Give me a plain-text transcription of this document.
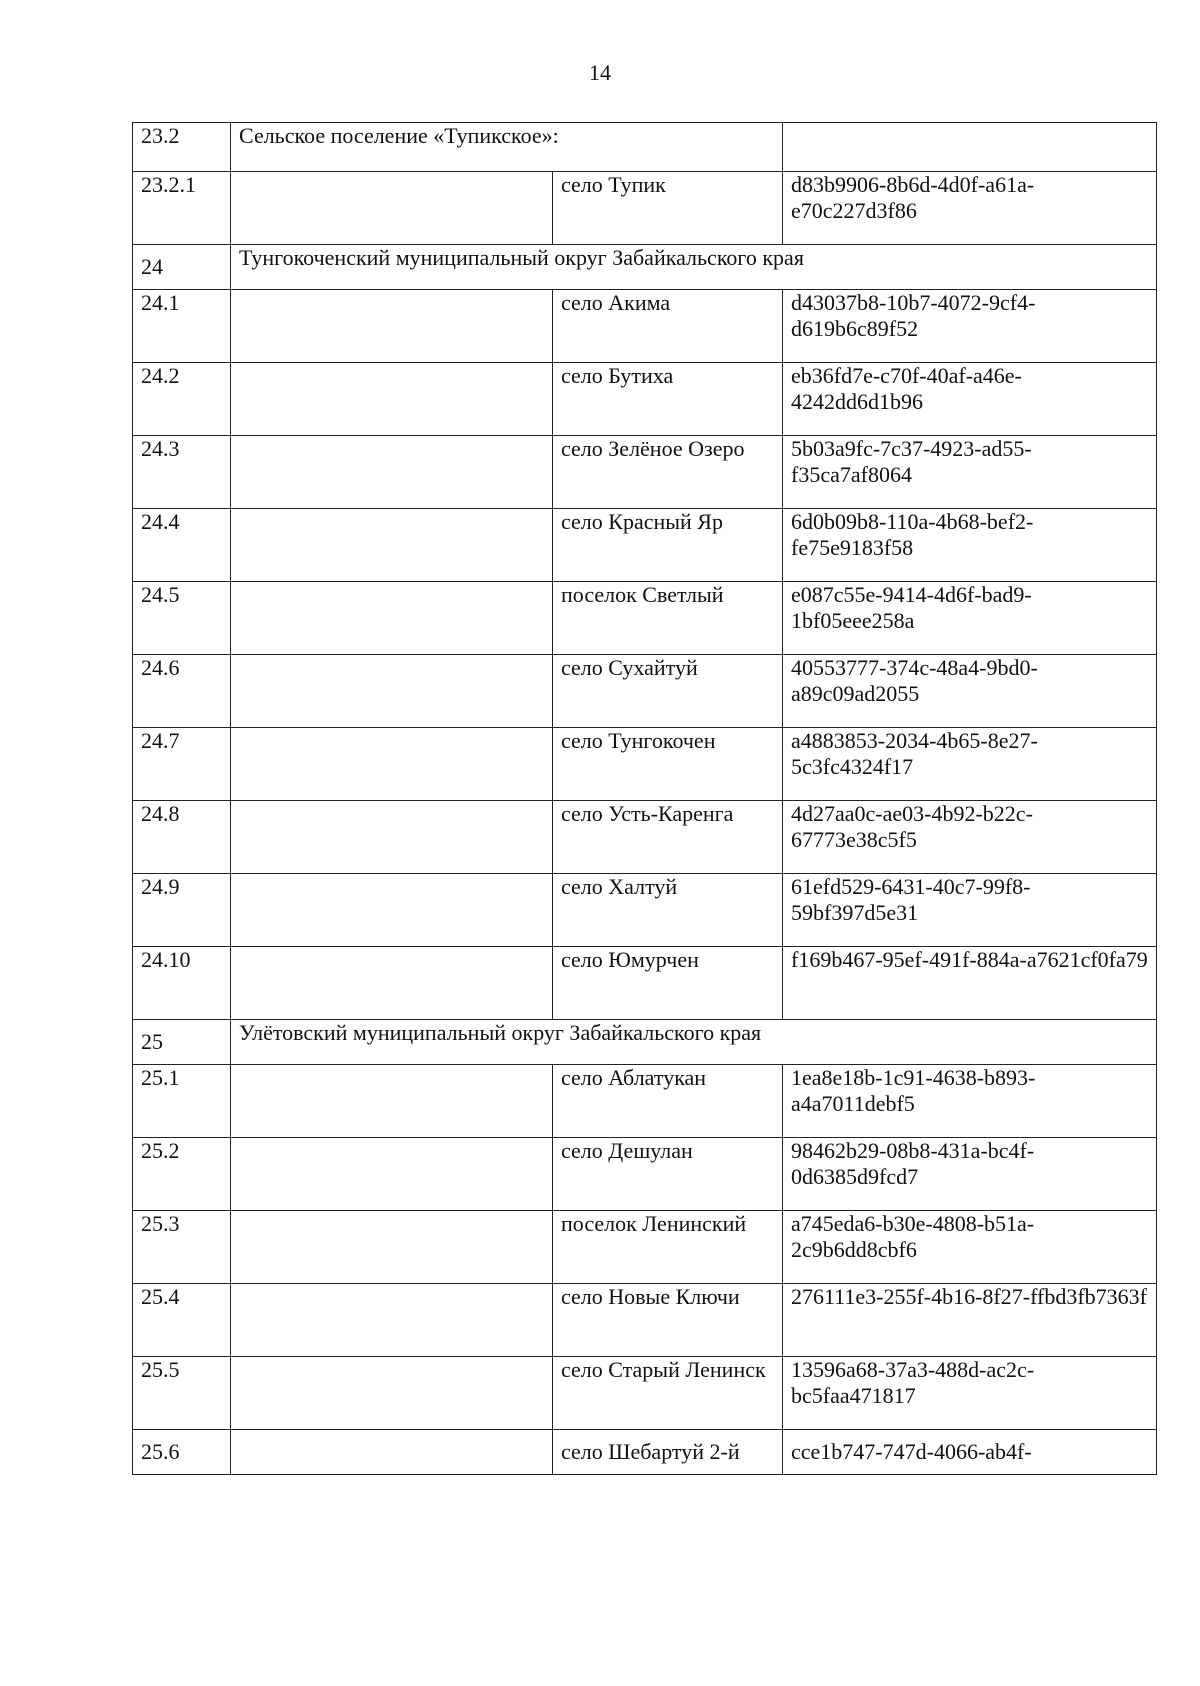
14
23.2	Сельское поселение «Тупикское»:		
23.2.1		село Тупик	d83b9906-8b6d-4d0f-a61a-e70c227d3f86
24	Тунгокоченский муниципальный округ Забайкальского края		
24.1		село Акима	d43037b8-10b7-4072-9cf4-d619b6c89f52
24.2		село Бутиха	eb36fd7e-c70f-40af-a46e-4242dd6d1b96
24.3		село Зелёное Озеро	5b03a9fc-7c37-4923-ad55-f35ca7af8064
24.4		село Красный Яр	6d0b09b8-110a-4b68-bef2-fe75e9183f58
24.5		поселок Светлый	e087c55e-9414-4d6f-bad9-1bf05eee258a
24.6		село Сухайтуй	40553777-374c-48a4-9bd0-a89c09ad2055
24.7		село Тунгокочен	a4883853-2034-4b65-8e27-5c3fc4324f17
24.8		село Усть-Каренга	4d27aa0c-ae03-4b92-b22c-67773e38c5f5
24.9		село Халтуй	61efd529-6431-40c7-99f8-59bf397d5e31
24.10		село Юмурчен	f169b467-95ef-491f-884a-a7621cf0fa79
25	Улётовский муниципальный округ Забайкальского края		
25.1		село Аблатукан	1ea8e18b-1c91-4638-b893-a4a7011debf5
25.2		село Дешулан	98462b29-08b8-431a-bc4f-0d6385d9fcd7
25.3		поселок Ленинский	a745eda6-b30e-4808-b51a-2c9b6dd8cbf6
25.4		село Новые Ключи	276111e3-255f-4b16-8f27-ffbd3fb7363f
25.5		село Старый Ленинск	13596a68-37a3-488d-ac2c-bc5faa471817
25.6		село Шебартуй 2-й	cce1b747-747d-4066-ab4f-
